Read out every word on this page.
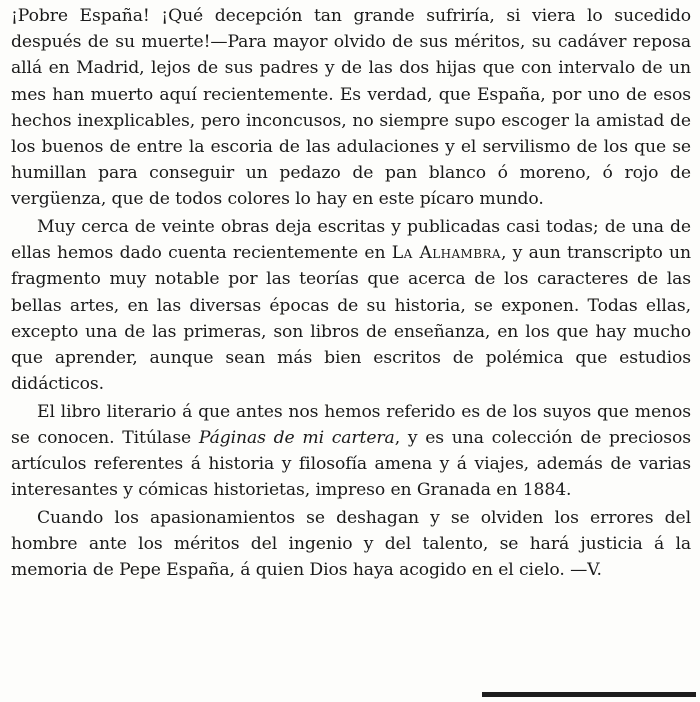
¡Pobre España! ¡Qué decepción tan grande sufriría, si viera lo sucedido después de su muerte!—Para mayor olvido de sus méritos, su cadáver reposa allá en Madrid, lejos de sus padres y de las dos hijas que con intervalo de un mes han muerto aquí recientemente. Es verdad, que España, por uno de esos hechos inexplicables, pero inconcusos, no siempre supo escoger la amistad de los buenos de entre la escoria de las adulaciones y el servilismo de los que se humillan para conseguir un pedazo de pan blanco ó moreno, ó rojo de vergüenza, que de todos colores lo hay en este pícaro mundo.

Muy cerca de veinte obras deja escritas y publicadas casi todas; de una de ellas hemos dado cuenta recientemente en La Alhambra, y aun transcripto un fragmento muy notable por las teorías que acerca de los caracteres de las bellas artes, en las diversas épocas de su historia, se exponen. Todas ellas, excepto una de las primeras, son libros de enseñanza, en los que hay mucho que aprender, aunque sean más bien escritos de polémica que estudios didácticos.

El libro literario á que antes nos hemos referido es de los suyos que menos se conocen. Titúlase Páginas de mi cartera, y es una colección de preciosos artículos referentes á historia y filosofía amena y á viajes, además de varias interesantes y cómicas historietas, impreso en Granada en 1884.

Cuando los apasionamientos se deshagan y se olviden los errores del hombre ante los méritos del ingenio y del talento, se hará justicia á la memoria de Pepe España, á quien Dios haya acogido en el cielo. —V.
